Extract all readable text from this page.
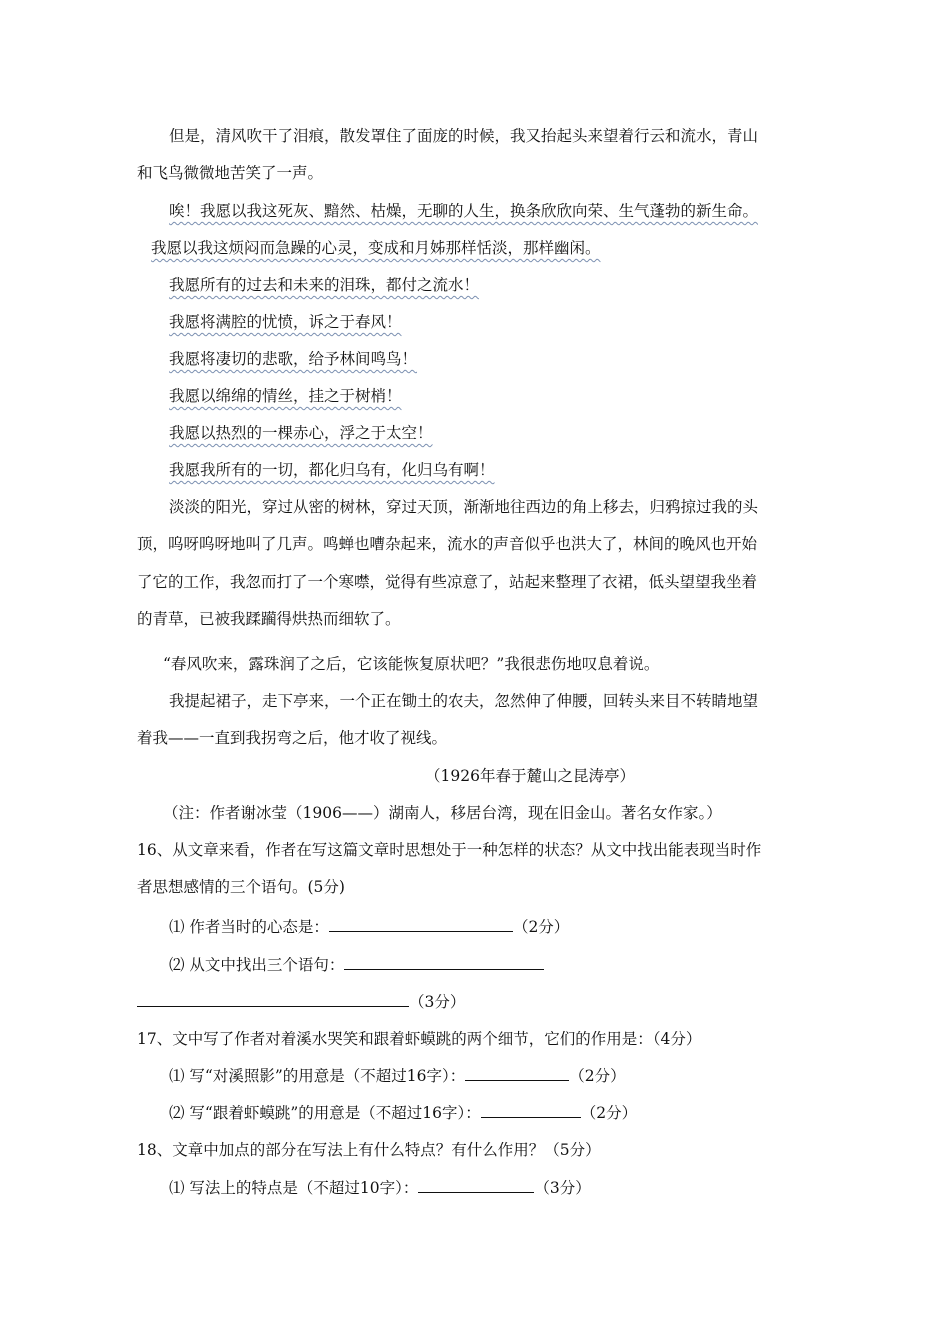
但是，清风吹干了泪痕，散发罩住了面庞的时候，我又抬起头来望着行云和流水，青山
和飞鸟微微地苦笑了一声。
唉！我愿以我这死灰、黯然、枯燥，无聊的人生，换条欣欣向荣、生气蓬勃的新生命。
我愿以我这烦闷而急躁的心灵，变成和月姊那样恬淡，那样幽闲。
我愿所有的过去和未来的泪珠，都付之流水！
我愿将满腔的忧愤，诉之于春风！
我愿将凄切的悲歌，给予林间鸣鸟！
我愿以绵绵的情丝，挂之于树梢！
我愿以热烈的一棵赤心，浮之于太空！
我愿我所有的一切，都化归乌有，化归乌有啊！
淡淡的阳光，穿过从密的树林，穿过天顶，渐渐地往西边的角上移去，归鸦掠过我的头
顶，呜呀呜呀地叫了几声。鸣蝉也嘈杂起来，流水的声音似乎也洪大了，林间的晚风也开始
了它的工作，我忽而打了一个寒噤，觉得有些凉意了，站起来整理了衣裙，低头望望我坐着
的青草，已被我蹂躏得烘热而细软了。
“春风吹来，露珠润了之后，它该能恢复原状吧？”我很悲伤地叹息着说。
我提起裙子，走下亭来，一个正在锄土的农夫，忽然伸了伸腰，回转头来目不转睛地望
着我——一直到我拐弯之后，他才收了视线。
（1926年春于麓山之昆涛亭）
（注：作者谢冰莹（1906——）湖南人，移居台湾，现在旧金山。著名女作家。）
16、从文章来看，作者在写这篇文章时思想处于一种怎样的状态？从文中找出能表现当时作
者思想感情的三个语句。(5分)
⑴ 作者当时的心态是：	（2分）
⑵ 从文中找出三个语句：
（3分）
17、文中写了作者对着溪水哭笑和跟着虾蟆跳的两个细节，它们的作用是：（4分）
⑴ 写“对溪照影”的用意是（不超过16字）：	（2分）
⑵ 写“跟着虾蟆跳”的用意是（不超过16字）：	（2分）
18、文章中加点的部分在写法上有什么特点？有什么作用？（5分）
⑴ 写法上的特点是（不超过10字）：	（3分）
